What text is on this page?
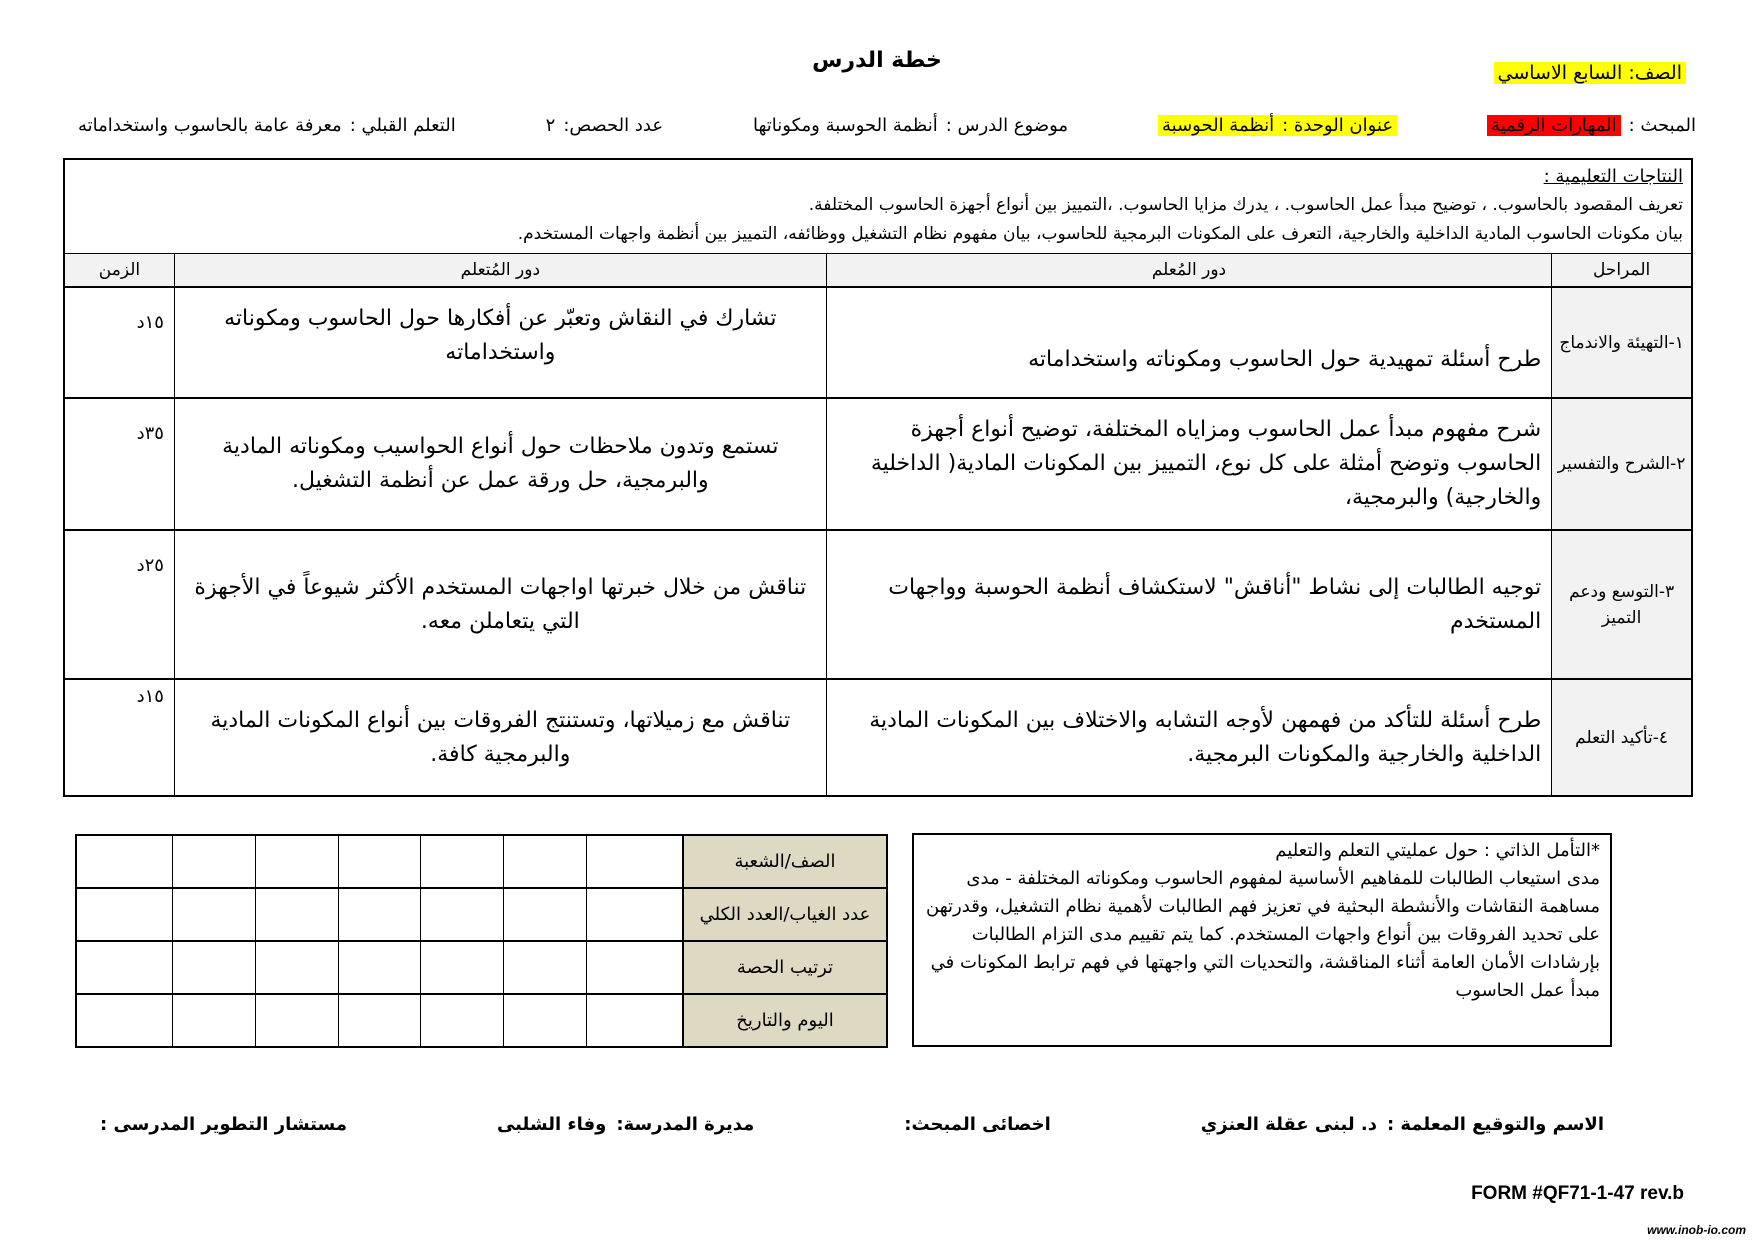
خطة الدرس	الصف: السابع الاساسي
المبحث :
المهارات الرقمية
عنوان الوحدة :
أنظمة الحوسبة
موضوع الدرس :
أنظمة الحوسبة ومكوناتها
عدد الحصص:
٢
التعلم القبلي :
معرفة عامة بالحاسوب واستخداماته
النتاجات التعليمية :
تعريف المقصود بالحاسوب. ، توضيح مبدأ عمل الحاسوب. ، يدرك مزايا الحاسوب. ،التمييز بين أنواع أجهزة الحاسوب المختلفة.
بيان مكونات الحاسوب المادية الداخلية والخارجية، التعرف على المكونات البرمجية للحاسوب، بيان مفهوم نظام التشغيل ووظائفه، التمييز بين أنظمة واجهات المستخدم.			

المراحل	دور المُعلم	دور المُتعلم	الزمن
١-التهيئة والاندماج	طرح أسئلة تمهيدية حول الحاسوب ومكوناته واستخداماته	تشارك في النقاش وتعبّر عن أفكارها حول الحاسوب ومكوناته واستخداماته	١٥د
٢-الشرح والتفسير	شرح مفهوم مبدأ عمل الحاسوب ومزاياه المختلفة، توضيح أنواع أجهزة الحاسوب وتوضح أمثلة على كل نوع، التمييز بين المكونات المادية( الداخلية والخارجية) والبرمجية،	تستمع وتدون ملاحظات حول أنواع الحواسيب ومكوناته المادية والبرمجية، حل ورقة عمل عن أنظمة التشغيل.	٣٥د
٣-التوسع ودعم التميز	توجيه الطالبات إلى نشاط "أناقش" لاستكشاف أنظمة الحوسبة وواجهات المستخدم	تناقش من خلال خبرتها اواجهات المستخدم الأكثر شيوعاً في الأجهزة التي يتعاملن معه.	٢٥د
٤-تأكيد التعلم	طرح أسئلة للتأكد من فهمهن لأوجه التشابه والاختلاف بين المكونات المادية الداخلية والخارجية والمكونات البرمجية.	تناقش مع زميلاتها، وتستنتج الفروقات بين أنواع المكونات المادية والبرمجية كافة.	١٥د
*التأمل الذاتي : حول عمليتي التعلم والتعليم
مدى استيعاب الطالبات للمفاهيم الأساسية لمفهوم الحاسوب ومكوناته المختلفة - مدى مساهمة النقاشات والأنشطة البحثية في تعزيز فهم الطالبات لأهمية نظام التشغيل، وقدرتهن على تحديد الفروقات بين أنواع واجهات المستخدم. كما يتم تقييم مدى التزام الطالبات بإرشادات الأمان العامة أثناء المناقشة، والتحديات التي واجهتها في فهم ترابط المكونات في مبدأ عمل الحاسوب
الصف/الشعبة							
عدد الغياب/العدد الكلي							
ترتيب الحصة							
اليوم والتاريخ							
الاسم والتوقيع المعلمة :
د. لبنى عقلة العنزي
اخصائى المبحث:
مديرة المدرسة:
وفاء الشلبى
مستشار التطوير المدرسى :
FORM #QF71-1-47 rev.b
www.inob-io.com
